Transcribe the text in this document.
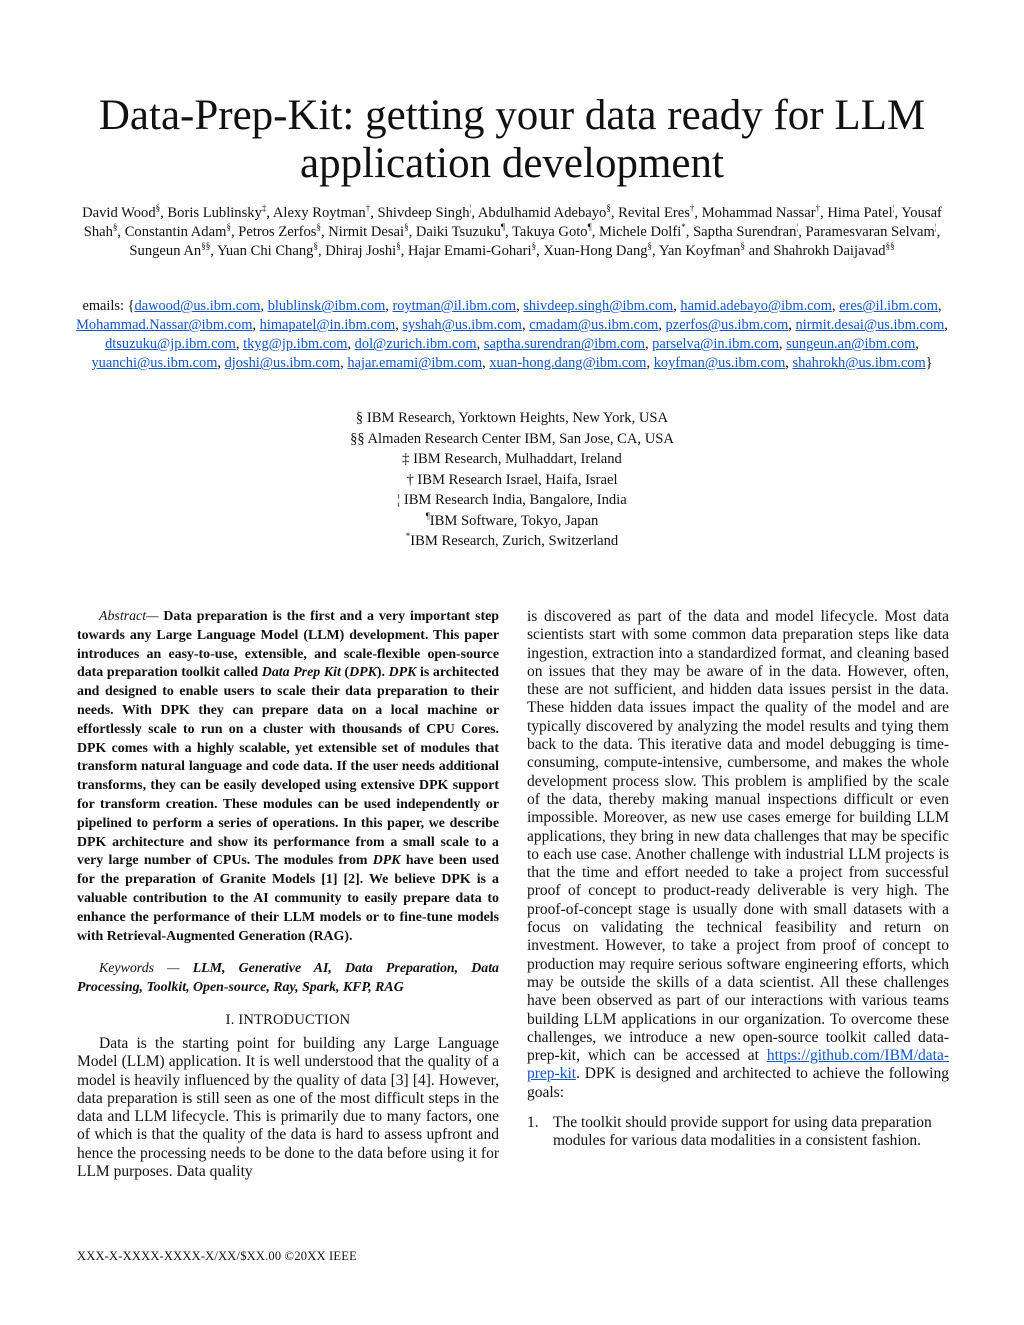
Data-Prep-Kit: getting your data ready for LLM application development
David Wood§, Boris Lublinsky‡, Alexy Roytman†, Shivdeep Singh¦, Abdulhamid Adebayo§, Revital Eres†, Mohammad Nassar†, Hima Patel¦, Yousaf Shah§, Constantin Adam§, Petros Zerfos§, Nirmit Desai§, Daiki Tsuzuku¶, Takuya Goto¶, Michele Dolfi*, Saptha Surendran¦, Paramesvaran Selvam¦, Sungeun An§§, Yuan Chi Chang§, Dhiraj Joshi§, Hajar Emami-Gohari§, Xuan-Hong Dang§, Yan Koyfman§ and Shahrokh Daijavad§§
emails: {dawood@us.ibm.com, blublinsk@ibm.com, roytman@il.ibm.com, shivdeep.singh@ibm.com, hamid.adebayo@ibm.com, eres@il.ibm.com, Mohammad.Nassar@ibm.com, himapatel@in.ibm.com, syshah@us.ibm.com, cmadam@us.ibm.com, pzerfos@us.ibm.com, nirmit.desai@us.ibm.com, dtsuzuku@jp.ibm.com, tkyg@jp.ibm.com, dol@zurich.ibm.com, saptha.surendran@ibm.com, parselva@in.ibm.com, sungeun.an@ibm.com, yuanchi@us.ibm.com, djoshi@us.ibm.com, hajar.emami@ibm.com, xuan-hong.dang@ibm.com, koyfman@us.ibm.com, shahrokh@us.ibm.com}
§ IBM Research, Yorktown Heights, New York, USA
§§ Almaden Research Center IBM, San Jose, CA, USA
‡ IBM Research, Mulhaddart, Ireland
† IBM Research Israel, Haifa, Israel
¦ IBM Research India, Bangalore, India
¶IBM Software, Tokyo, Japan
*IBM Research, Zurich, Switzerland

Abstract— Data preparation is the first and a very important step towards any Large Language Model (LLM) development. This paper introduces an easy-to-use, extensible, and scale-flexible open-source data preparation toolkit called Data Prep Kit (DPK). DPK is architected and designed to enable users to scale their data preparation to their needs. With DPK they can prepare data on a local machine or effortlessly scale to run on a cluster with thousands of CPU Cores. DPK comes with a highly scalable, yet extensible set of modules that transform natural language and code data. If the user needs additional transforms, they can be easily developed using extensive DPK support for transform creation. These modules can be used independently or pipelined to perform a series of operations. In this paper, we describe DPK architecture and show its performance from a small scale to a very large number of CPUs. The modules from DPK have been used for the preparation of Granite Models [1] [2]. We believe DPK is a valuable contribution to the AI community to easily prepare data to enhance the performance of their LLM models or to fine-tune models with Retrieval-Augmented Generation (RAG).

Keywords — LLM, Generative AI, Data Preparation, Data Processing, Toolkit, Open-source, Ray, Spark, KFP, RAG

I. INTRODUCTION

Data is the starting point for building any Large Language Model (LLM) application. It is well understood that the quality of a model is heavily influenced by the quality of data [3] [4]. However, data preparation is still seen as one of the most difficult steps in the data and LLM lifecycle. This is primarily due to many factors, one of which is that the quality of the data is hard to assess upfront and hence the processing needs to be done to the data before using it for LLM purposes. Data quality

is discovered as part of the data and model lifecycle. Most data scientists start with some common data preparation steps like data ingestion, extraction into a standardized format, and cleaning based on issues that they may be aware of in the data. However, often, these are not sufficient, and hidden data issues persist in the data. These hidden data issues impact the quality of the model and are typically discovered by analyzing the model results and tying them back to the data. This iterative data and model debugging is time-consuming, compute-intensive, cumbersome, and makes the whole development process slow. This problem is amplified by the scale of the data, thereby making manual inspections difficult or even impossible. Moreover, as new use cases emerge for building LLM applications, they bring in new data challenges that may be specific to each use case. Another challenge with industrial LLM projects is that the time and effort needed to take a project from successful proof of concept to product-ready deliverable is very high. The proof-of-concept stage is usually done with small datasets with a focus on validating the technical feasibility and return on investment. However, to take a project from proof of concept to production may require serious software engineering efforts, which may be outside the skills of a data scientist. All these challenges have been observed as part of our interactions with various teams building LLM applications in our organization. To overcome these challenges, we introduce a new open-source toolkit called data-prep-kit, which can be accessed at https://github.com/IBM/data-prep-kit. DPK is designed and architected to achieve the following goals:

1. The toolkit should provide support for using data preparation modules for various data modalities in a consistent fashion.
XXX-X-XXXX-XXXX-X/XX/$XX.00 ©20XX IEEE
